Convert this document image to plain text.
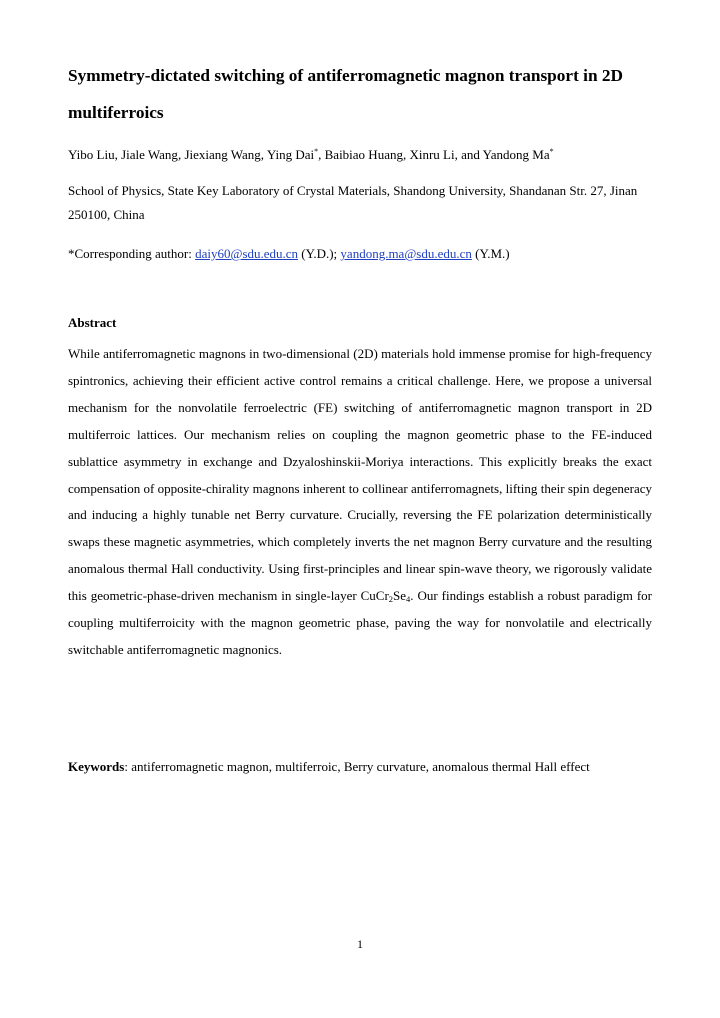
Symmetry-dictated switching of antiferromagnetic magnon transport in 2D multiferroics
Yibo Liu, Jiale Wang, Jiexiang Wang, Ying Dai*, Baibiao Huang, Xinru Li, and Yandong Ma*
School of Physics, State Key Laboratory of Crystal Materials, Shandong University, Shandanan Str. 27, Jinan 250100, China
*Corresponding author: daiy60@sdu.edu.cn (Y.D.); yandong.ma@sdu.edu.cn (Y.M.)
Abstract

While antiferromagnetic magnons in two-dimensional (2D) materials hold immense promise for high-frequency spintronics, achieving their efficient active control remains a critical challenge. Here, we propose a universal mechanism for the nonvolatile ferroelectric (FE) switching of antiferromagnetic magnon transport in 2D multiferroic lattices. Our mechanism relies on coupling the magnon geometric phase to the FE-induced sublattice asymmetry in exchange and Dzyaloshinskii-Moriya interactions. This explicitly breaks the exact compensation of opposite-chirality magnons inherent to collinear antiferromagnets, lifting their spin degeneracy and inducing a highly tunable net Berry curvature. Crucially, reversing the FE polarization deterministically swaps these magnetic asymmetries, which completely inverts the net magnon Berry curvature and the resulting anomalous thermal Hall conductivity. Using first-principles and linear spin-wave theory, we rigorously validate this geometric-phase-driven mechanism in single-layer $CuCr_2Se_4$. Our findings establish a robust paradigm for coupling multiferroicity with the magnon geometric phase, paving the way for nonvolatile and electrically switchable antiferromagnetic magnonics.

Keywords: antiferromagnetic magnon, multiferroic, Berry curvature, anomalous thermal Hall effect
1
